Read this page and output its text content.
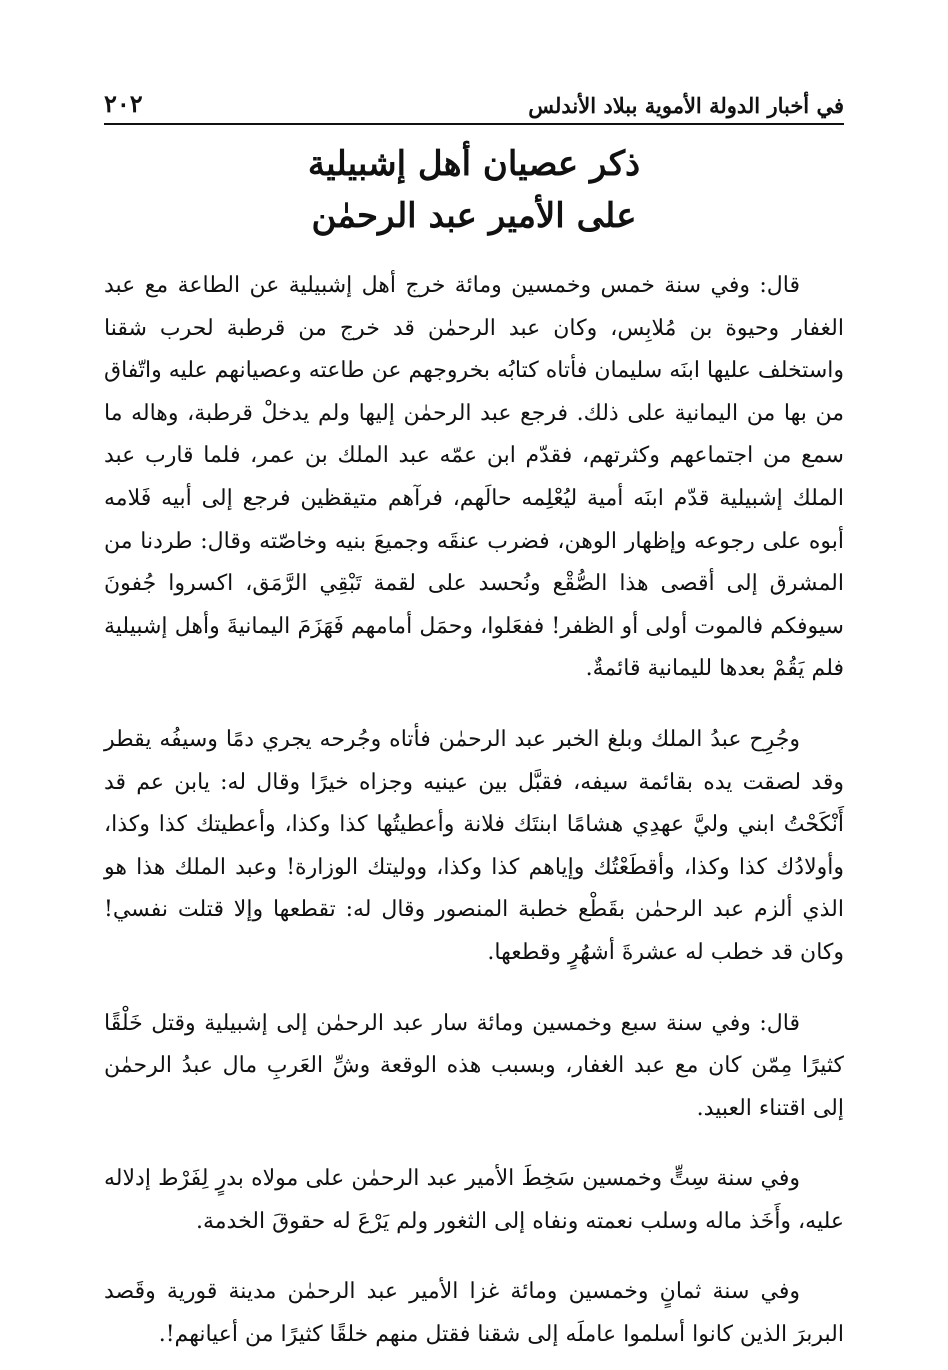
في أخبار الدولة الأموية ببلاد الأندلس
٢٠٢
ذكر عصيان أهل إشبيلية
على الأمير عبد الرحمٰن

قال: وفي سنة خمس وخمسين ومائة خرج أهل إشبيلية عن الطاعة مع عبد الغفار وحيوة بن مُلابِس، وكان عبد الرحمٰن قد خرج من قرطبة لحرب شقنا واستخلف عليها ابنَه سليمان فأتاه كتابُه بخروجهم عن طاعته وعصيانهم عليه واتّفاق من بها من اليمانية على ذلك. فرجع عبد الرحمٰن إليها ولم يدخلْ قرطبة، وهاله ما سمع من اجتماعهم وكثرتهم، فقدّم ابن عمّه عبد الملك بن عمر، فلما قارب عبد الملك إشبيلية قدّم ابنَه أمية ليُعْلِمه حالَهم، فرآهم متيقظين فرجع إلى أبيه فَلامه أبوه على رجوعه وإظهار الوهن، فضرب عنقَه وجميعَ بنيه وخاصّته وقال: طردنا من المشرق إلى أقصى هذا الصُّقْع ونُحسد على لقمة تَبْقِي الرَّمَق، اكسروا جُفونَ سيوفكم فالموت أولى أو الظفر! ففعَلوا، وحمَل أمامهم فَهَزَمَ اليمانيةَ وأهل إشبيلية فلم يَقُمْ بعدها لليمانية قائمةٌ.

وجُرِح عبدُ الملك وبلغ الخبر عبد الرحمٰن فأتاه وجُرحه يجري دمًا وسيفُه يقطر وقد لصقت يده بقائمة سيفه، فقبَّل بين عينيه وجزاه خيرًا وقال له: يابن عم قد أَنْكَحْتُ ابني وليَّ عهدِي هشامًا ابنتَك فلانة وأعطيتُها كذا وكذا، وأعطيتك كذا وكذا، وأولادُك كذا وكذا، وأقطَعْتُك وإياهم كذا وكذا، ووليتك الوزارة! وعبد الملك هذا هو الذي ألزم عبد الرحمٰن بقَطْع خطبة المنصور وقال له: تقطعها وإلا قتلت نفسي! وكان قد خطب له عشرةَ أشهُرٍ وقطعها.

قال: وفي سنة سبع وخمسين ومائة سار عبد الرحمٰن إلى إشبيلية وقتل خَلْقًا كثيرًا مِمّن كان مع عبد الغفار، وبسبب هذه الوقعة وشِّ العَربِ مال عبدُ الرحمٰن إلى اقتناء العبيد.

وفي سنة سِتٍّ وخمسين سَخِطَ الأمير عبد الرحمٰن على مولاه بدرٍ لِفَرْط إدلاله عليه، وأَخَذ ماله وسلب نعمته ونفاه إلى الثغور ولم يَرْعَ له حقوقَ الخدمة.

وفي سنة ثمانٍ وخمسين ومائة غزا الأمير عبد الرحمٰن مدينة قورية وقَصد البربرَ الذين كانوا أسلموا عاملَه إلى شقنا فقتل منهم خلقًا كثيرًا من أعيانهم!.
